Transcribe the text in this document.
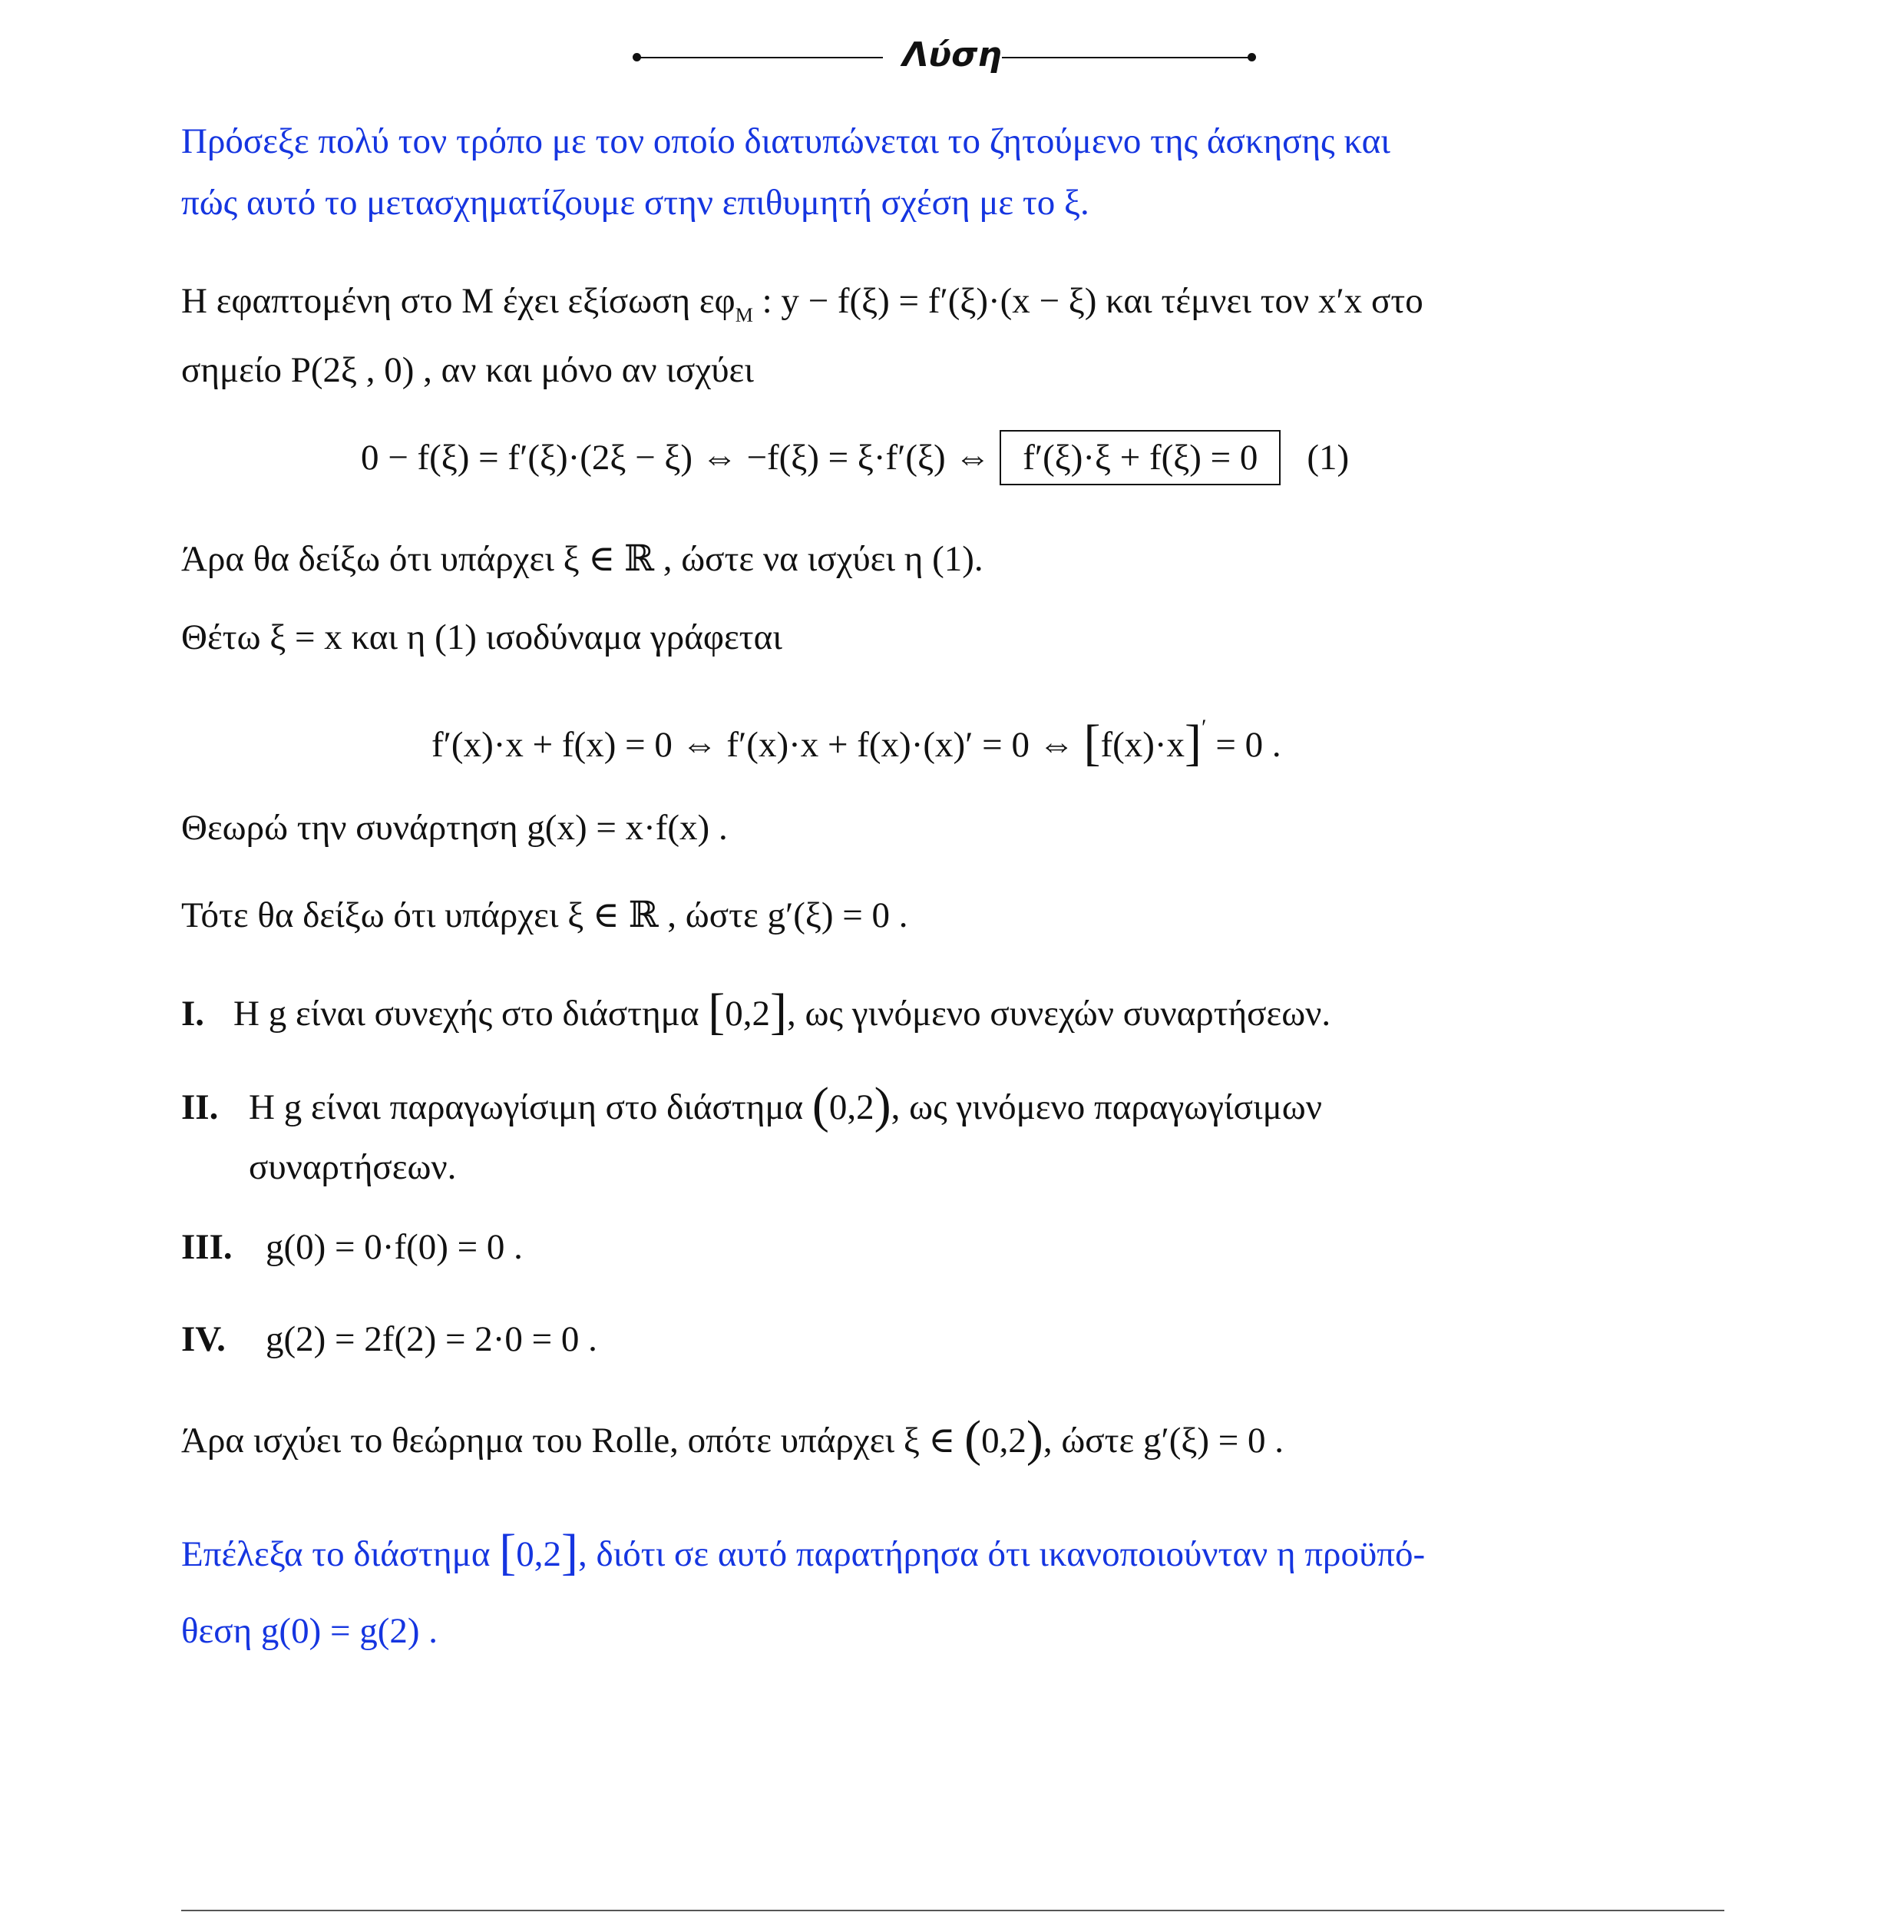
Λύση
Πρόσεξε πολύ τον τρόπο με τον οποίο διατυπώνεται το ζητούμενο της άσκησης και
πώς αυτό το μετασχηματίζουμε στην επιθυμητή σχέση με το ξ.
Η εφαπτομένη στο Μ έχει εξίσωση $\varepsilon\varphi_M$ : y − f(ξ) = f′(ξ)·(x − ξ) και τέμνει τον x′x στο
σημείο Ρ(2ξ , 0) , αν και μόνο αν ισχύει
0 − f(ξ) = f′(ξ)·(2ξ − ξ) ⇔ −f(ξ) = ξ·f′(ξ) ⇔ f′(ξ)·ξ + f(ξ) = 0 (1)
Άρα θα δείξω ότι υπάρχει ξ ∈ ℝ , ώστε να ισχύει η (1).
Θέτω ξ = x και η (1) ισοδύναμα γράφεται
f′(x)·x + f(x) = 0 ⇔ f′(x)·x + f(x)·(x)′ = 0 ⇔ [f(x)·x]′ = 0 .
Θεωρώ την συνάρτηση g(x) = x·f(x) .
Τότε θα δείξω ότι υπάρχει ξ ∈ ℝ , ώστε g′(ξ) = 0 .
Ι. Η g είναι συνεχής στο διάστημα [0,2], ως γινόμενο συνεχών συναρτήσεων.
ΙΙ. Η g είναι παραγωγίσιμη στο διάστημα (0,2), ως γινόμενο παραγωγίσιμων
συναρτήσεων.
ΙΙΙ. g(0) = 0·f(0) = 0 .
ΙV. g(2) = 2f(2) = 2·0 = 0 .
Άρα ισχύει το θεώρημα του Rolle, οπότε υπάρχει ξ ∈ (0,2), ώστε g′(ξ) = 0 .
Επέλεξα το διάστημα [0,2], διότι σε αυτό παρατήρησα ότι ικανοποιούνταν η προϋπό-
θεση g(0) = g(2) .
